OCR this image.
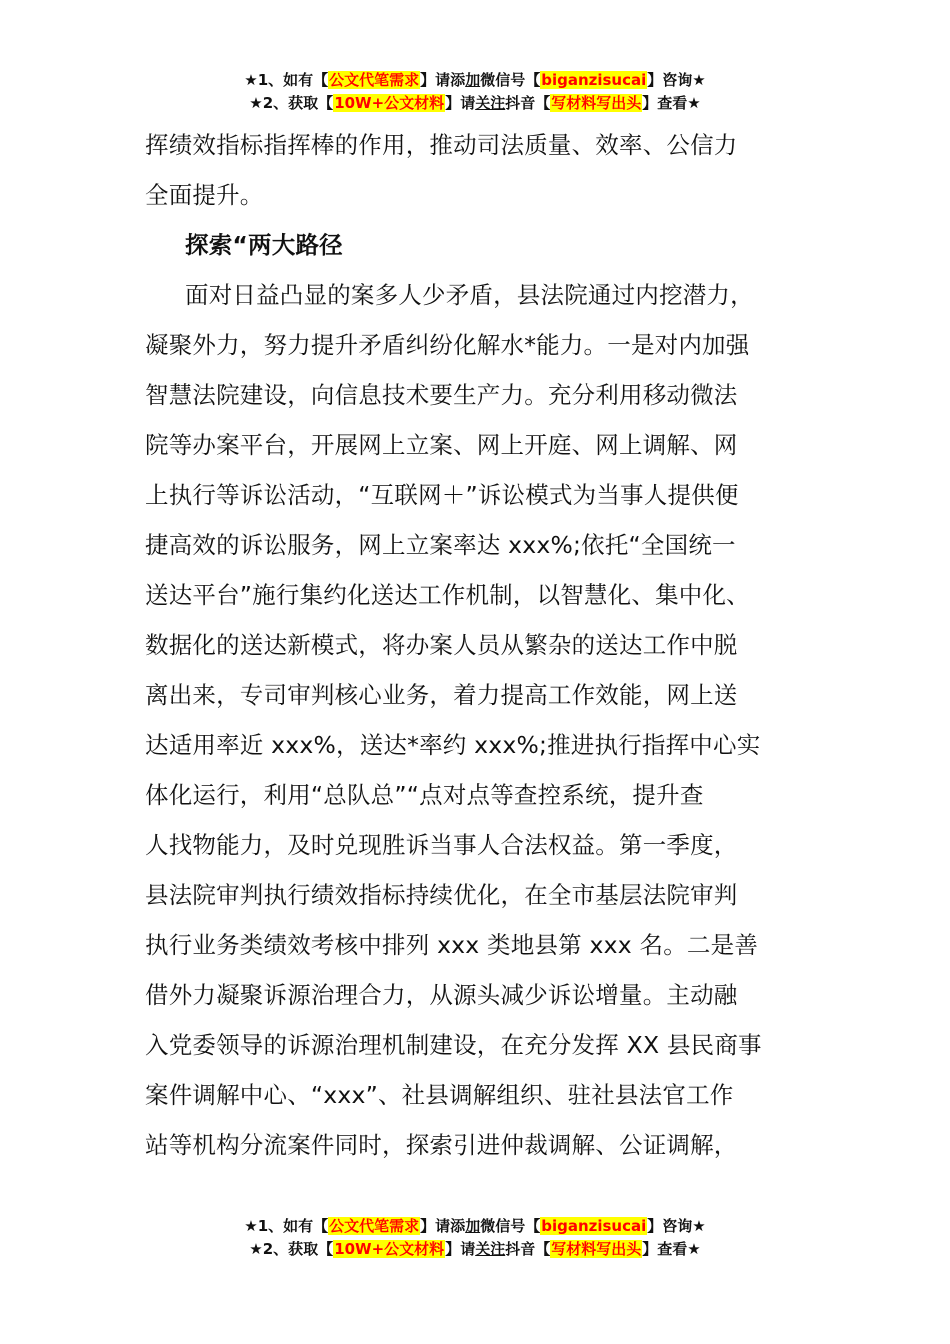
★1、如有【公文代笔需求】请添加微信号【biganzisucai】咨询★
★2、获取【10W+公文材料】请关注抖音【写材料写出头】查看★

挥绩效指标指挥棒的作用，推动司法质量、效率、公信力

全面提升。

探索“两大路径

面对日益凸显的案多人少矛盾，县法院通过内挖潜力，

凝聚外力，努力提升矛盾纠纷化解水*能力。一是对内加强

智慧法院建设，向信息技术要生产力。充分利用移动微法

院等办案平台，开展网上立案、网上开庭、网上调解、网

上执行等诉讼活动，“互联网＋”诉讼模式为当事人提供便

捷高效的诉讼服务，网上立案率达 xxx%;依托“全国统一

送达平台”施行集约化送达工作机制，以智慧化、集中化、

数据化的送达新模式，将办案人员从繁杂的送达工作中脱

离出来，专司审判核心业务，着力提高工作效能，网上送

达适用率近 xxx%，送达*率约 xxx%;推进执行指挥中心实

体化运行，利用“总队总”“点对点等查控系统，提升查

人找物能力，及时兑现胜诉当事人合法权益。第一季度，

县法院审判执行绩效指标持续优化，在全市基层法院审判

执行业务类绩效考核中排列 xxx 类地县第 xxx 名。二是善

借外力凝聚诉源治理合力，从源头减少诉讼增量。主动融

入党委领导的诉源治理机制建设，在充分发挥 XX 县民商事

案件调解中心、“xxx”、社县调解组织、驻社县法官工作

站等机构分流案件同时，探索引进仲裁调解、公证调解，

★1、如有【公文代笔需求】请添加微信号【biganzisucai】咨询★
★2、获取【10W+公文材料】请关注抖音【写材料写出头】查看★
